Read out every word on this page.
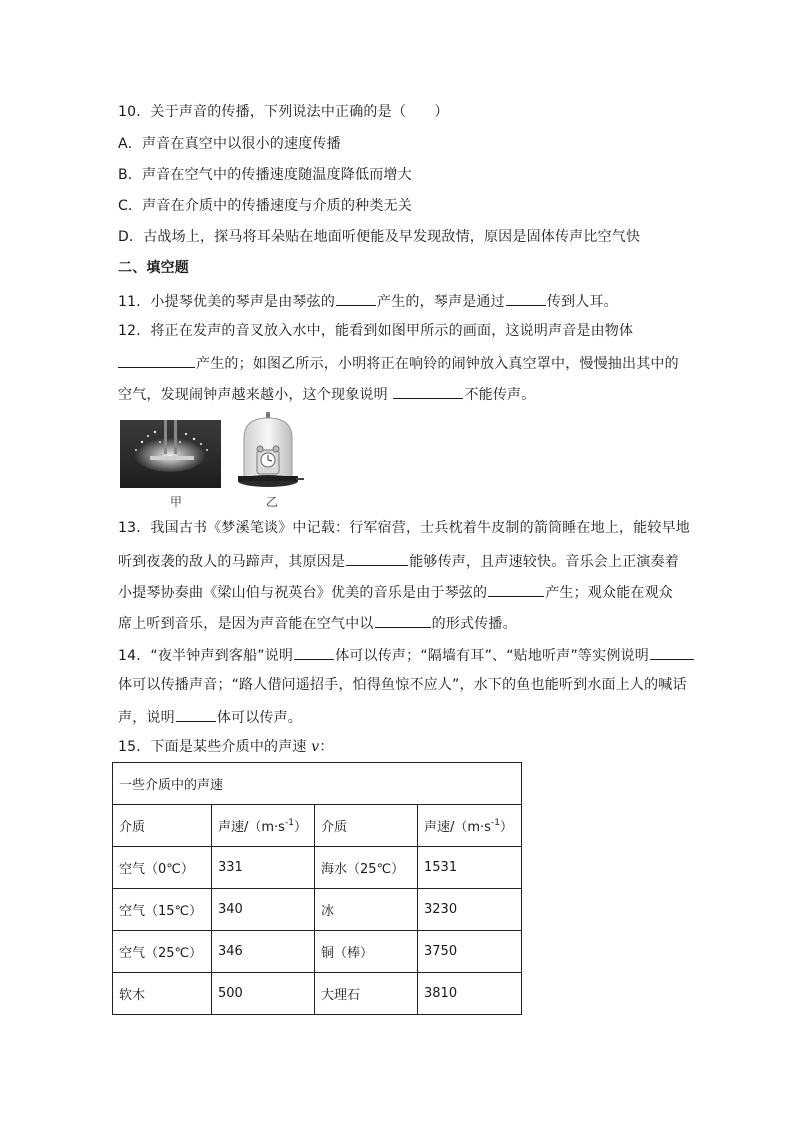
10．关于声音的传播，下列说法中正确的是（　　）
A．声音在真空中以很小的速度传播
B．声音在空气中的传播速度随温度降低而增大
C．声音在介质中的传播速度与介质的种类无关
D．古战场上，探马将耳朵贴在地面听便能及早发现敌情，原因是固体传声比空气快
二、填空题
11．小提琴优美的琴声是由琴弦的	产生的，琴声是通过	传到人耳。
12．将正在发声的音叉放入水中，能看到如图甲所示的画面，这说明声音是由物体
产生的；如图乙所示，小明将正在响铃的闹钟放入真空罩中，慢慢抽出其中的
空气，发现闹钟声越来越小，这个现象说明	不能传声。
甲	乙
13．我国古书《梦溪笔谈》中记载：行军宿营，士兵枕着牛皮制的箭筒睡在地上，能较早地
听到夜袭的敌人的马蹄声，其原因是	能够传声，且声速较快。音乐会上正演奏着
小提琴协奏曲《梁山伯与祝英台》优美的音乐是由于琴弦的	产生；观众能在观众
席上听到音乐，是因为声音能在空气中以	的形式传播。
14．“夜半钟声到客船”说明	体可以传声；“隔墙有耳”、“贴地听声”等实例说明
体可以传播声音；“路人借问遥招手，怕得鱼惊不应人”，水下的鱼也能听到水面上人的喊话
声，说明	体可以传声。
15．下面是某些介质中的声速 v：
一些介质中的声速			
介质	声速$/(m\cdot s^{-1})$	介质	声速$/(m\cdot s^{-1})$
空气（0℃）	331	海水（25℃）	1531
空气（15℃）	340	冰	3230
空气（25℃）	346	铜（棒）	3750
软木	500	大理石	3810
